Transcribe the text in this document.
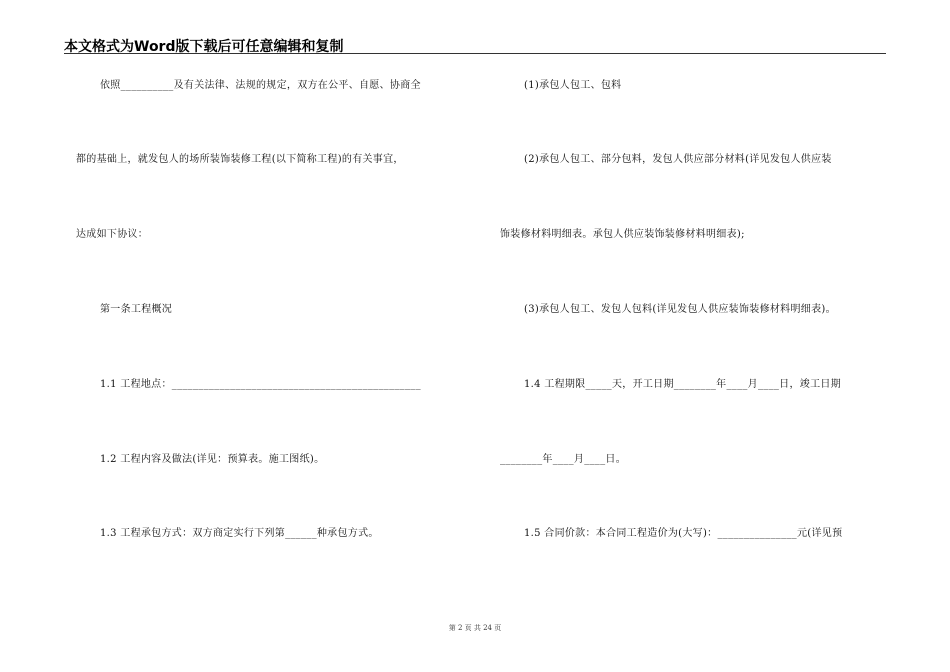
本文格式为Word版下载后可任意编辑和复制
依照__________及有关法律、法规的规定，双方在公平、自愿、协商全
都的基础上，就发包人的场所装饰装修工程(以下简称工程)的有关事宜，
达成如下协议：
第一条工程概况
1.1 工程地点：_______________________________________________
1.2 工程内容及做法(详见：预算表。施工图纸)。
1.3 工程承包方式：双方商定实行下列第______种承包方式。
(1)承包人包工、包料
(2)承包人包工、部分包料，发包人供应部分材料(详见发包人供应装
饰装修材料明细表。承包人供应装饰装修材料明细表);
(3)承包人包工、发包人包料(详见发包人供应装饰装修材料明细表)。
1.4 工程期限_____天，开工日期________年____月____日，竣工日期
________年____月____日。
1.5 合同价款：本合同工程造价为(大写)：_______________元(详见预
第 2 页 共 24 页
